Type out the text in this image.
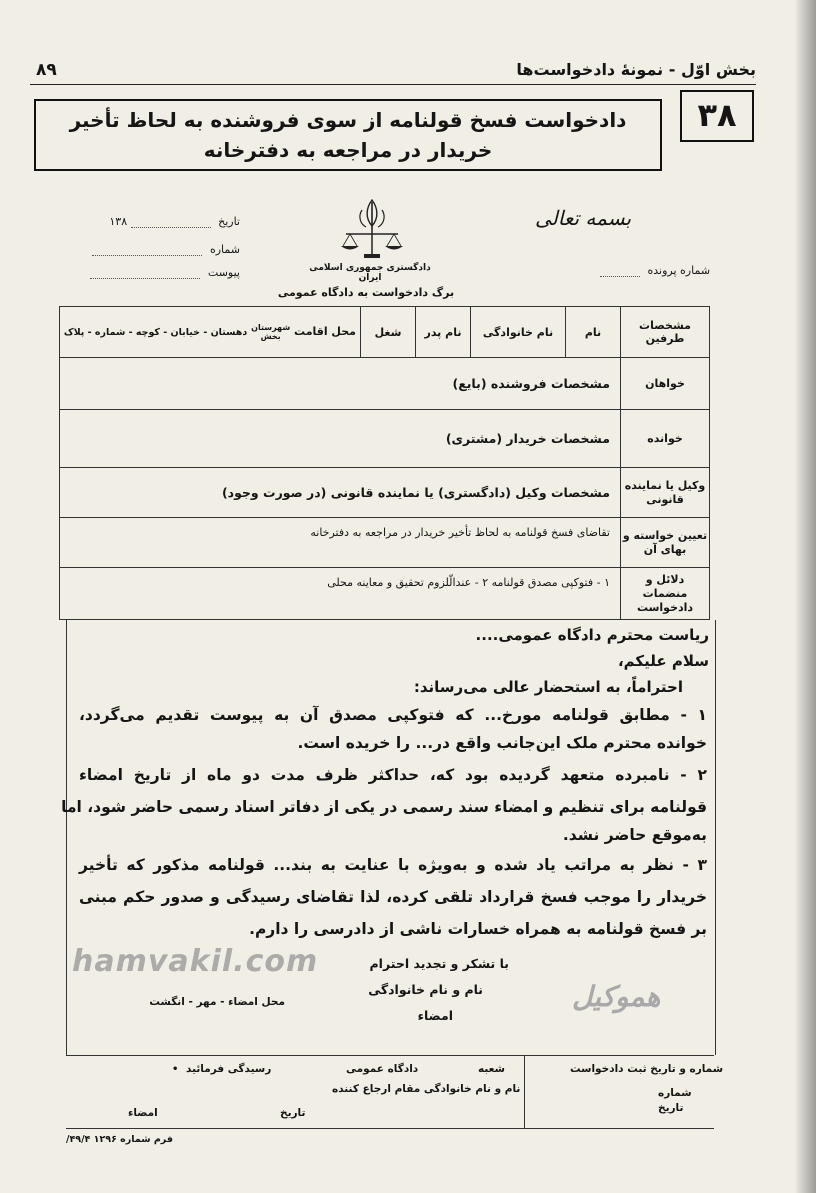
۸۹	بخش اوّل - نمونهٔ دادخواست‌ها
۳۸
دادخواست فسخ قولنامه از سوی فروشنده به لحاظ تأخیر
خریدار در مراجعه به دفترخانه
تاریخ  ۱۳۸
شماره
پیوست	دادگستری جمهوری اسلامی ایران
برگ دادخواست به دادگاه عمومی
بسمه تعالی
شماره پرونده
مشخصات طرفین	نام	نام خانوادگی	نام پدر	شغل	محل اقامت شهرستان
بخش دهستان - خیابان - کوچه - شماره - پلاک
خواهان	مشخصات فروشنده (بایع)				
خوانده	مشخصات خریدار (مشتری)				
وکیل یا نماینده قانونی	مشخصات وکیل (دادگستری) یا نماینده قانونی (در صورت وجود)				
تعیین خواسته و بهای آن	تقاضای فسخ قولنامه به لحاظ تأخیر خریدار در مراجعه به دفترخانه				
دلائل و منضمات دادخواست	۱ - فتوکپی مصدق قولنامه ۲ - عندالّلزوم تحقیق و معاینه محلی				
ریاست محترم دادگاه عمومی....
سلام علیکم،
احتراماً، به استحضار عالی می‌رساند:
۱ - مطابق قولنامه مورخ... که فتوکپی مصدق آن به پیوست تقدیم می‌گردد،
خوانده محترم ملک این‌جانب واقع در... را خریده است.
۲ - نامبرده متعهد گردیده بود که، حداکثر ظرف مدت دو ماه از تاریخ امضاء
قولنامه برای تنظیم و امضاء سند رسمی در یکی از دفاتر اسناد رسمی حاضر شود، اما
به‌موقع حاضر نشد.
۳ - نظر به مراتب یاد شده و به‌ویژه با عنایت به بند... قولنامه مذکور که تأخیر
خریدار را موجب فسخ قرارداد تلقی کرده، لذا تقاضای رسیدگی و صدور حکم مبنی
بر فسخ قولنامه به همراه خسارات ناشی از دادرسی را دارم.
با تشکر و تجدید احترام
نام و نام خانوادگی
امضاء
محل امضاء - مهر - انگشت
hamvakil.com
هموکیل
شماره و تاریخ ثبت دادخواست
شماره
تاریخ
شعبه
دادگاه عمومی
رسیدگی فرمائید
•
نام و نام خانوادگی مقام ارجاع کننده
تاریخ
امضاء
فرم شماره ۱۲۹۶ ۴۹/۴/
